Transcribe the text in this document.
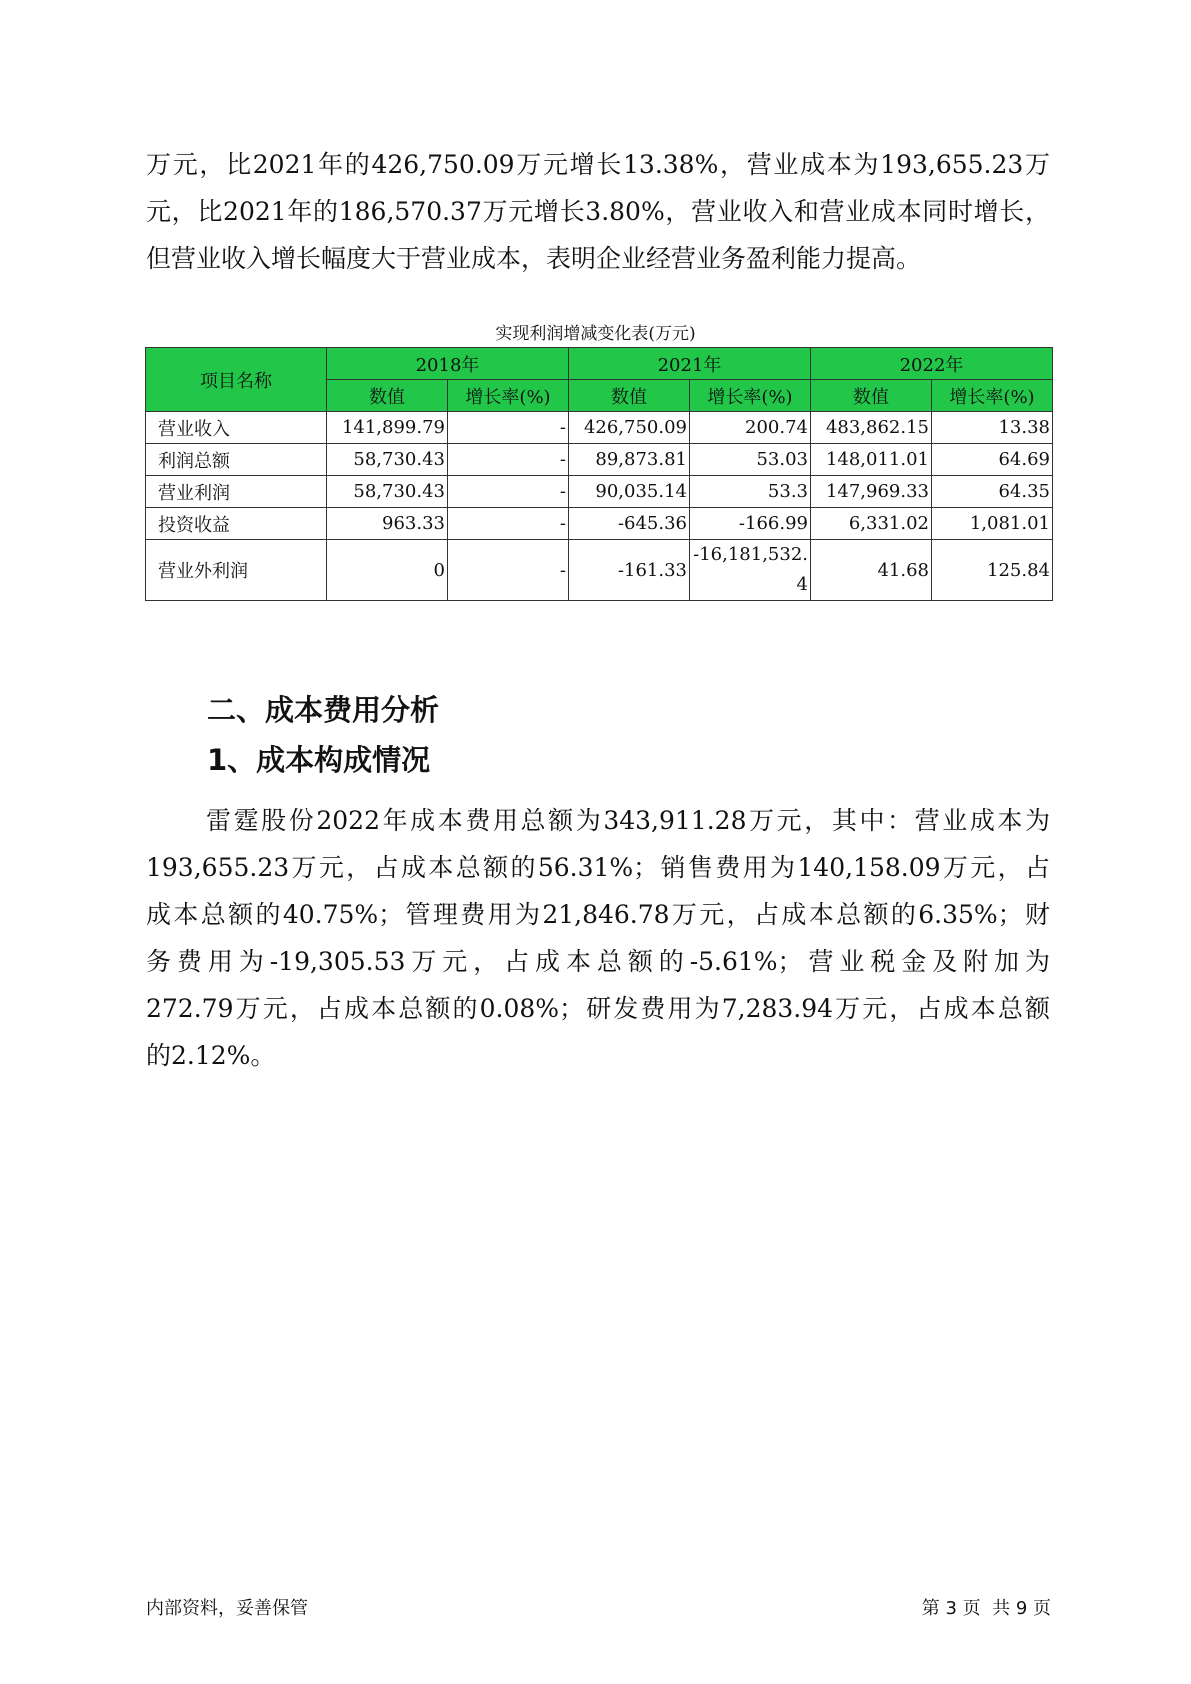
万元，比2021年的426,750.09万元增长13.38%，营业成本为193,655.23万
元，比2021年的186,570.37万元增长3.80%，营业收入和营业成本同时增长，
但营业收入增长幅度大于营业成本，表明企业经营业务盈利能力提高。
实现利润增减变化表(万元)
项目名称	2018年		2021年		2022年	
	数值	增长率(%)	数值	增长率(%)	数值	增长率(%)
营业收入	141,899.79	-	426,750.09	200.74	483,862.15	13.38
利润总额	58,730.43	-	89,873.81	53.03	148,011.01	64.69
营业利润	58,730.43	-	90,035.14	53.3	147,969.33	64.35
投资收益	963.33	-	-645.36	-166.99	6,331.02	1,081.01
营业外利润	0	-	-161.33	-16,181,532.4	41.68	125.84
二、成本费用分析
1、成本构成情况
雷霆股份2022年成本费用总额为343,911.28万元，其中：营业成本为
193,655.23万元，占成本总额的56.31%；销售费用为140,158.09万元，占
成本总额的40.75%；管理费用为21,846.78万元，占成本总额的6.35%；财
务费用为-19,305.53万元，占成本总额的-5.61%；营业税金及附加为
272.79万元，占成本总额的0.08%；研发费用为7,283.94万元，占成本总额
的2.12%。
内部资料，妥善保管	第 3 页  共 9 页
